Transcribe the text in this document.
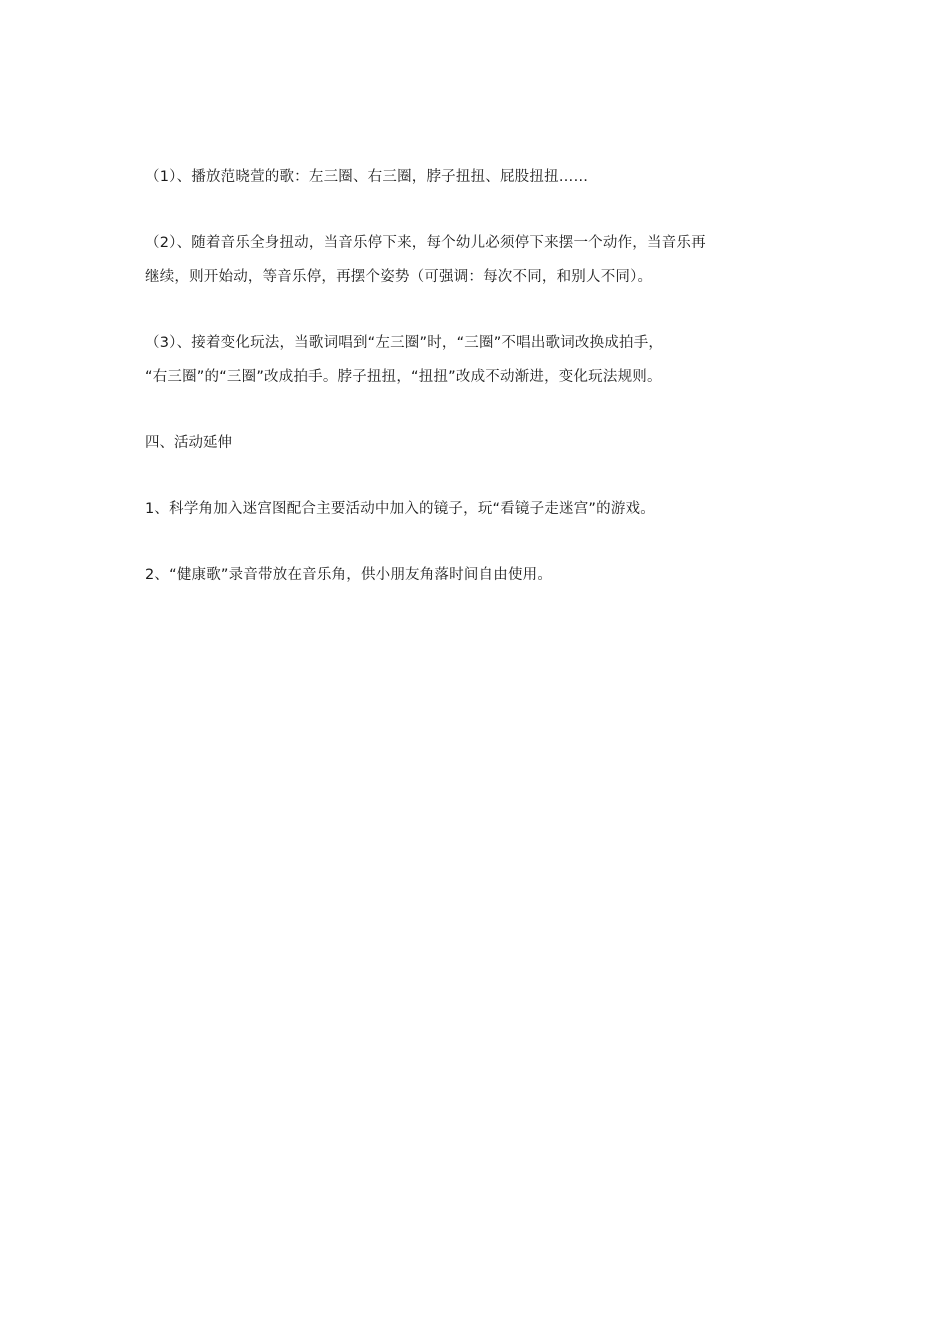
（1）、播放范晓萱的歌：左三圈、右三圈，脖子扭扭、屁股扭扭……

（2）、随着音乐全身扭动，当音乐停下来，每个幼儿必须停下来摆一个动作，当音乐再
继续，则开始动，等音乐停，再摆个姿势（可强调：每次不同，和别人不同）。

（3）、接着变化玩法，当歌词唱到“左三圈”时，“三圈”不唱出歌词改换成拍手，
“右三圈”的“三圈”改成拍手。脖子扭扭，“扭扭”改成不动渐进，变化玩法规则。

四、活动延伸

1、科学角加入迷宫图配合主要活动中加入的镜子，玩“看镜子走迷宫”的游戏。

2、“健康歌”录音带放在音乐角，供小朋友角落时间自由使用。
